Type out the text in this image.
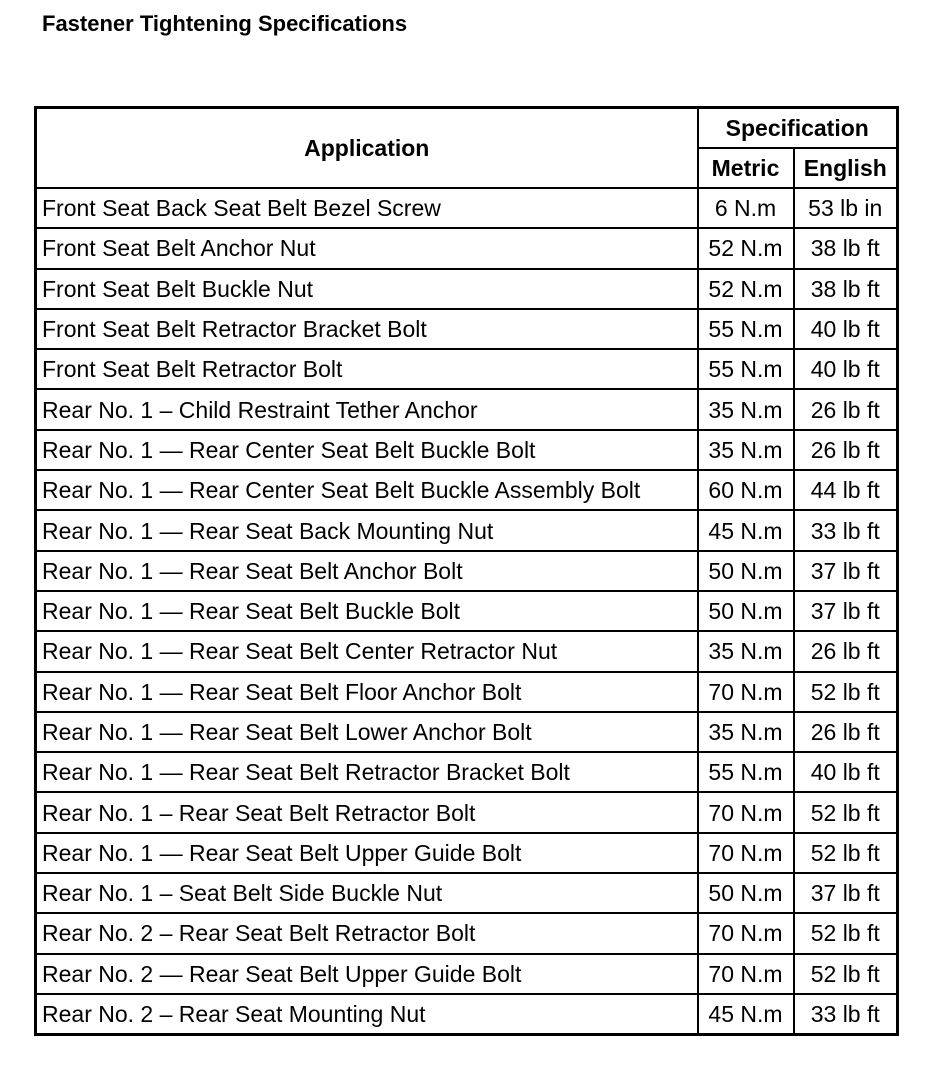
Fastener Tightening Specifications
Application	Specification	
	Metric	English
Front Seat Back Seat Belt Bezel Screw	6 N.m	53 lb in
Front Seat Belt Anchor Nut	52 N.m	38 lb ft
Front Seat Belt Buckle Nut	52 N.m	38 lb ft
Front Seat Belt Retractor Bracket Bolt	55 N.m	40 lb ft
Front Seat Belt Retractor Bolt	55 N.m	40 lb ft
Rear No. 1 – Child Restraint Tether Anchor	35 N.m	26 lb ft
Rear No. 1 — Rear Center Seat Belt Buckle Bolt	35 N.m	26 lb ft
Rear No. 1 — Rear Center Seat Belt Buckle Assembly Bolt	60 N.m	44 lb ft
Rear No. 1 — Rear Seat Back Mounting Nut	45 N.m	33 lb ft
Rear No. 1 — Rear Seat Belt Anchor Bolt	50 N.m	37 lb ft
Rear No. 1 — Rear Seat Belt Buckle Bolt	50 N.m	37 lb ft
Rear No. 1 — Rear Seat Belt Center Retractor Nut	35 N.m	26 lb ft
Rear No. 1 — Rear Seat Belt Floor Anchor Bolt	70 N.m	52 lb ft
Rear No. 1 — Rear Seat Belt Lower Anchor Bolt	35 N.m	26 lb ft
Rear No. 1 — Rear Seat Belt Retractor Bracket Bolt	55 N.m	40 lb ft
Rear No. 1 – Rear Seat Belt Retractor Bolt	70 N.m	52 lb ft
Rear No. 1 — Rear Seat Belt Upper Guide Bolt	70 N.m	52 lb ft
Rear No. 1 – Seat Belt Side Buckle Nut	50 N.m	37 lb ft
Rear No. 2 – Rear Seat Belt Retractor Bolt	70 N.m	52 lb ft
Rear No. 2 — Rear Seat Belt Upper Guide Bolt	70 N.m	52 lb ft
Rear No. 2 – Rear Seat Mounting Nut	45 N.m	33 lb ft
